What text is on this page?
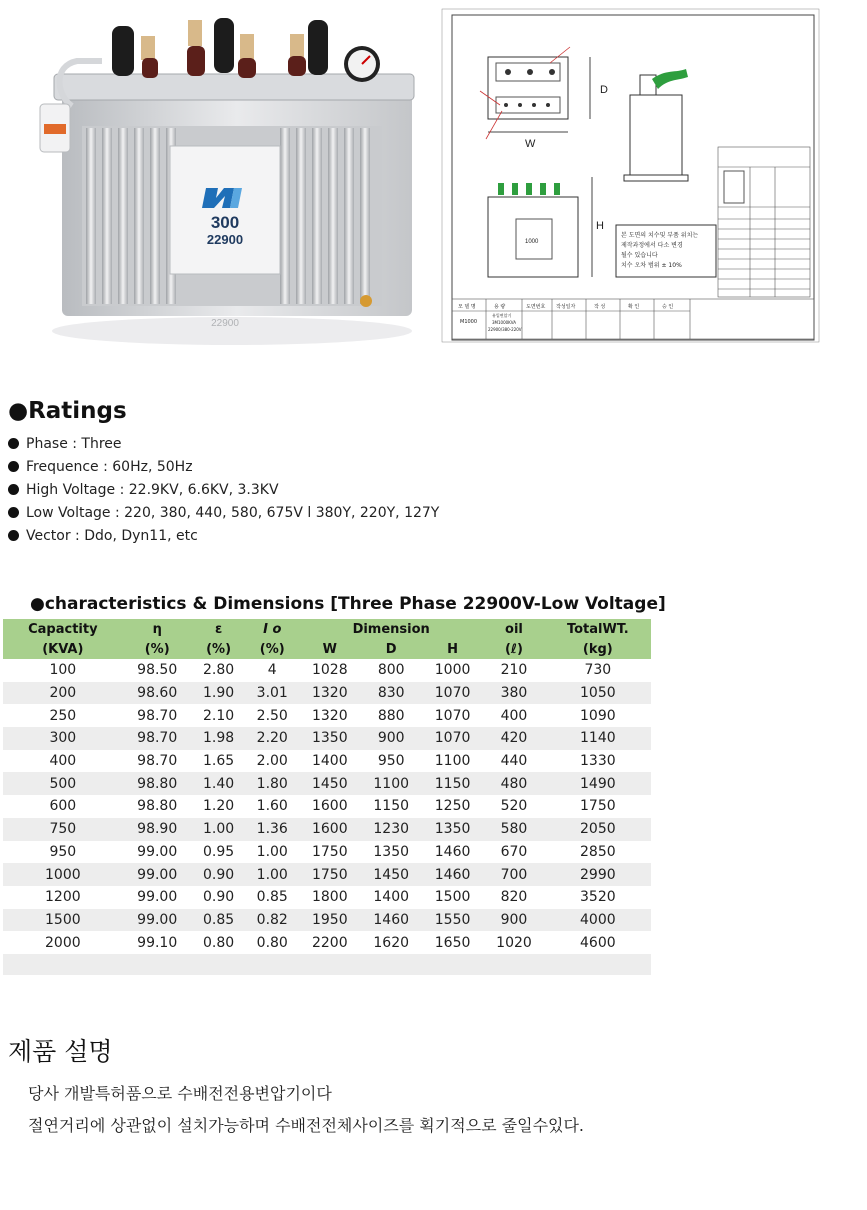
300
22900
22900
W
D
1000
H
본 도면의 치수및 부품 위치는
제작과정에서 다소 변경
될수 있습니다
치수 오차 범위 ± 10%
모 델 명	용 량	도면번호 작성일자	작 성	확 인	승 인
M1000
유입변압기
3M1000KVA
22900/380-220V
●Ratings
Phase : Three
Frequence : 60Hz, 50Hz
High Voltage : 22.9KV, 6.6KV, 3.3KV
Low Voltage : 220, 380, 440, 580, 675V l 380Y, 220Y, 127Y
Vector : Ddo, Dyn11, etc
●characteristics & Dimensions [Three Phase 22900V-Low Voltage]
Capactity	η	ε	I o	Dimension			oil	TotalWT.
(KVA)	(%)	(%)	(%)	W	D	H	(ℓ)	(kg)
100	98.50	2.80	4	1028	800	1000	210	730
200	98.60	1.90	3.01	1320	830	1070	380	1050
250	98.70	2.10	2.50	1320	880	1070	400	1090
300	98.70	1.98	2.20	1350	900	1070	420	1140
400	98.70	1.65	2.00	1400	950	1100	440	1330
500	98.80	1.40	1.80	1450	1100	1150	480	1490
600	98.80	1.20	1.60	1600	1150	1250	520	1750
750	98.90	1.00	1.36	1600	1230	1350	580	2050
950	99.00	0.95	1.00	1750	1350	1460	670	2850
1000	99.00	0.90	1.00	1750	1450	1460	700	2990
1200	99.00	0.90	0.85	1800	1400	1500	820	3520
1500	99.00	0.85	0.82	1950	1460	1550	900	4000
2000	99.10	0.80	0.80	2200	1620	1650	1020	4600

제품 설명
당사 개발특허품으로 수배전전용변압기이다
절연거리에 상관없이 설치가능하며 수배전전체사이즈를 획기적으로 줄일수있다.
